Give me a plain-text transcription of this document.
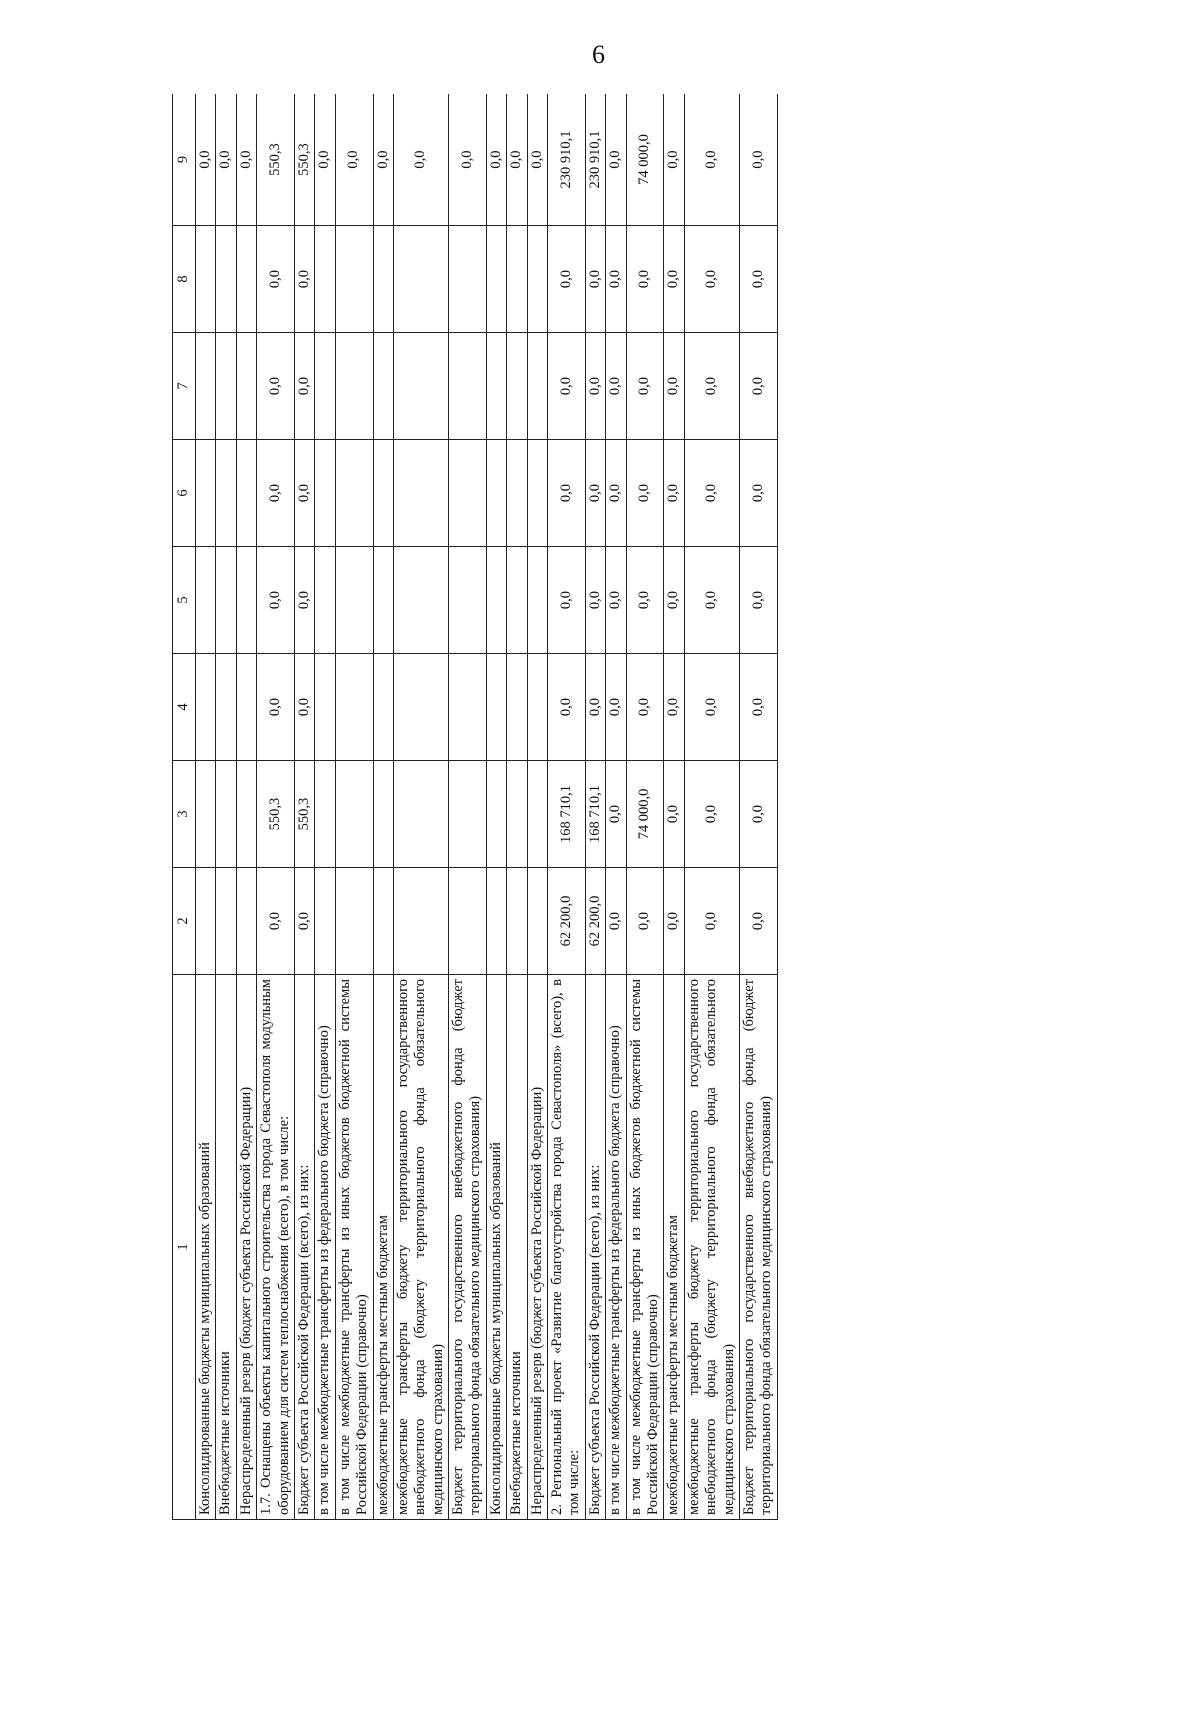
6
1	2	3	4	5	6	7	8	9
Консолидированные бюджеты муниципальных образований								0,0
Внебюджетные источники								0,0
Нераспределенный резерв (бюджет субъекта Российской Федерации)								0,0
1.7. Оснащены объекты капитального строительства города Севастополя модульным оборудованием для систем теплоснабжения (всего), в том числе:	0,0	550,3	0,0	0,0	0,0	0,0	0,0	550,3
Бюджет субъекта Российской Федерации (всего), из них:	0,0	550,3	0,0	0,0	0,0	0,0	0,0	550,3
в том числе межбюджетные трансферты из федерального бюджета (справочно)								0,0
в том числе межбюджетные трансферты из иных бюджетов бюджетной системы Российской Федерации (справочно)								0,0
межбюджетные трансферты местным бюджетам								0,0
межбюджетные трансферты бюджету территориального государственного внебюджетного фонда (бюджету территориального фонда обязательного медицинского страхования)								0,0
Бюджет территориального государственного внебюджетного фонда (бюджет территориального фонда обязательного медицинского страхования)								0,0
Консолидированные бюджеты муниципальных образований								0,0
Внебюджетные источники								0,0
Нераспределенный резерв (бюджет субъекта Российской Федерации)								0,0
2. Региональный проект «Развитие благоустройства города Севастополя» (всего), в том числе:	62 200,0	168 710,1	0,0	0,0	0,0	0,0	0,0	230 910,1
Бюджет субъекта Российской Федерации (всего), из них:	62 200,0	168 710,1	0,0	0,0	0,0	0,0	0,0	230 910,1
в том числе межбюджетные трансферты из федерального бюджета (справочно)	0,0	0,0	0,0	0,0	0,0	0,0	0,0	0,0
в том числе межбюджетные трансферты из иных бюджетов бюджетной системы Российской Федерации (справочно)	0,0	74 000,0	0,0	0,0	0,0	0,0	0,0	74 000,0
межбюджетные трансферты местным бюджетам	0,0	0,0	0,0	0,0	0,0	0,0	0,0	0,0
межбюджетные трансферты бюджету территориального государственного внебюджетного фонда (бюджету территориального фонда обязательного медицинского страхования)	0,0	0,0	0,0	0,0	0,0	0,0	0,0	0,0
Бюджет территориального государственного внебюджетного фонда (бюджет территориального фонда обязательного медицинского страхования)	0,0	0,0	0,0	0,0	0,0	0,0	0,0	0,0
